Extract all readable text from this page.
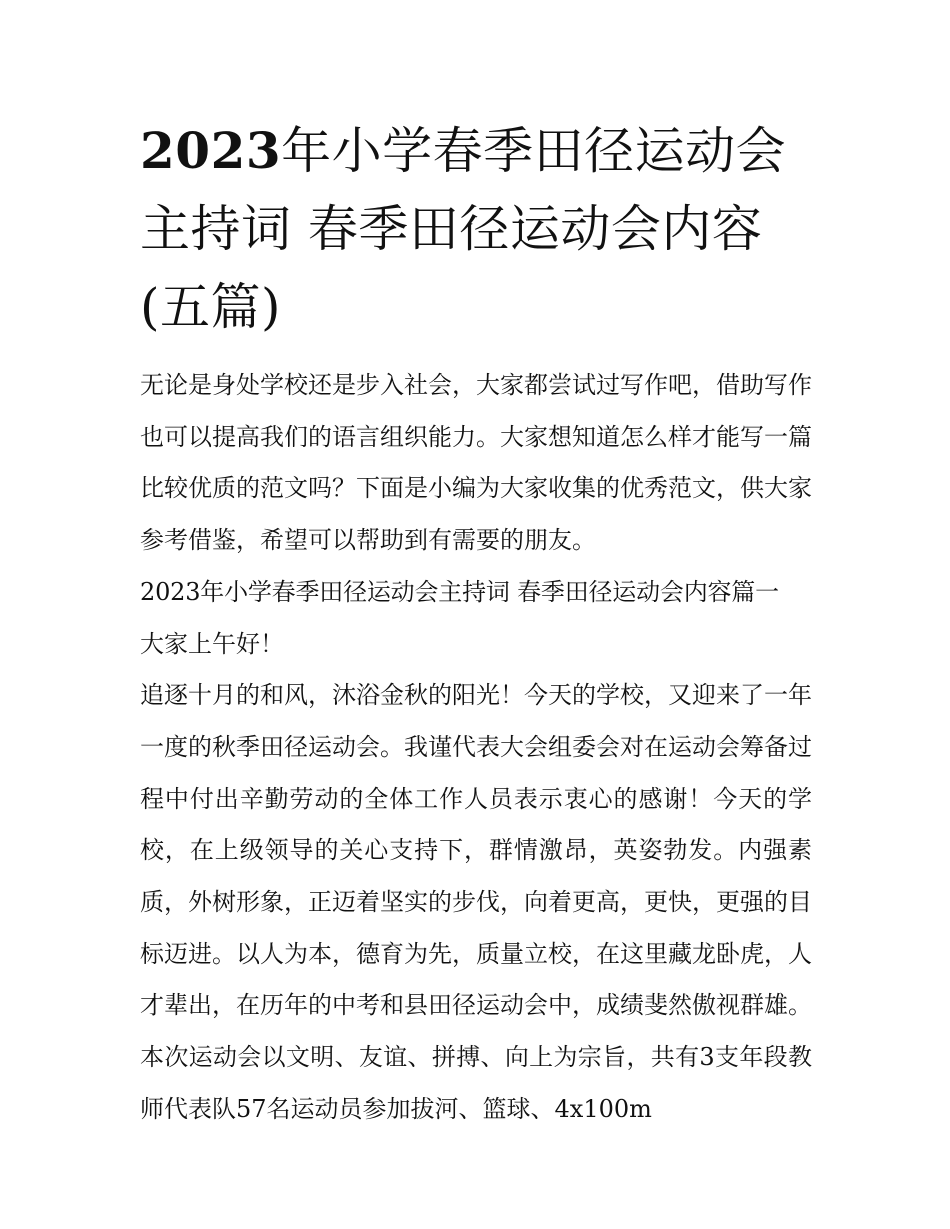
2023年小学春季田径运动会主持词 春季田径运动会内容(五篇)

无论是身处学校还是步入社会，大家都尝试过写作吧，借助写作也可以提高我们的语言组织能力。大家想知道怎么样才能写一篇比较优质的范文吗？下面是小编为大家收集的优秀范文，供大家参考借鉴，希望可以帮助到有需要的朋友。

2023年小学春季田径运动会主持词 春季田径运动会内容篇一

大家上午好！

追逐十月的和风，沐浴金秋的阳光！今天的学校，又迎来了一年一度的秋季田径运动会。我谨代表大会组委会对在运动会筹备过程中付出辛勤劳动的全体工作人员表示衷心的感谢！今天的学校，在上级领导的关心支持下，群情激昂，英姿勃发。内强素质，外树形象，正迈着坚实的步伐，向着更高，更快，更强的目标迈进。以人为本，德育为先，质量立校，在这里藏龙卧虎，人才辈出，在历年的中考和县田径运动会中，成绩斐然傲视群雄。本次运动会以文明、友谊、拼搏、向上为宗旨，共有3支年段教师代表队57名运动员参加拔河、篮球、4x100m
